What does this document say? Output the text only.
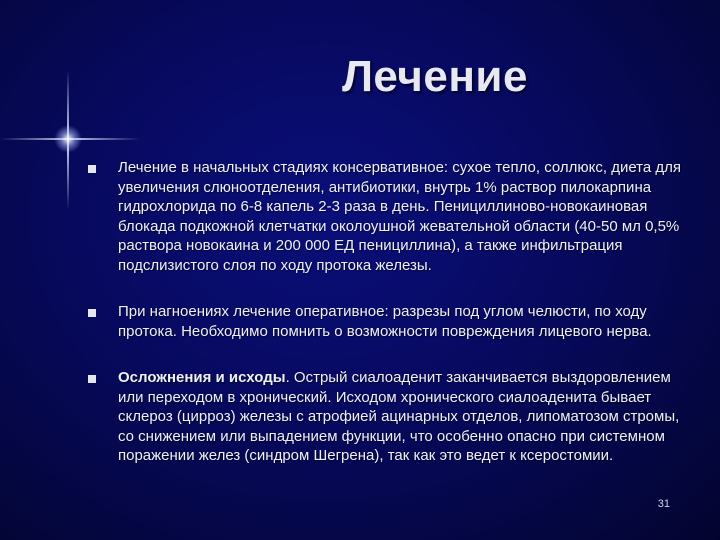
Лечение
Лечение в начальных стадиях консервативное: сухое тепло, соллюкс, диета для увеличения слюноотделения, антибиотики, внутрь 1% раствор пилокарпина гидрохлорида по 6-8 капель 2-3 раза в день. Пенициллиново-новокаиновая блокада подкожной клетчатки околоушной жевательной области (40-50 мл 0,5% раствора новокаина и 200 000 ЕД пенициллина), а также инфильтрация подслизистого слоя по ходу протока железы.
При нагноениях лечение оперативное: разрезы под углом челюсти, по ходу протока. Необходимо помнить о возможности повреждения лицевого нерва.
Осложнения и исходы. Острый сиалоаденит заканчивается выздоровлением или переходом в хронический. Исходом хронического сиалоаденита бывает склероз (цирроз) железы с атрофией ацинарных отделов, липоматозом стромы, со снижением или выпадением функции, что особенно опасно при системном поражении желез (синдром Шегрена), так как это ведет к ксеростомии.
31
